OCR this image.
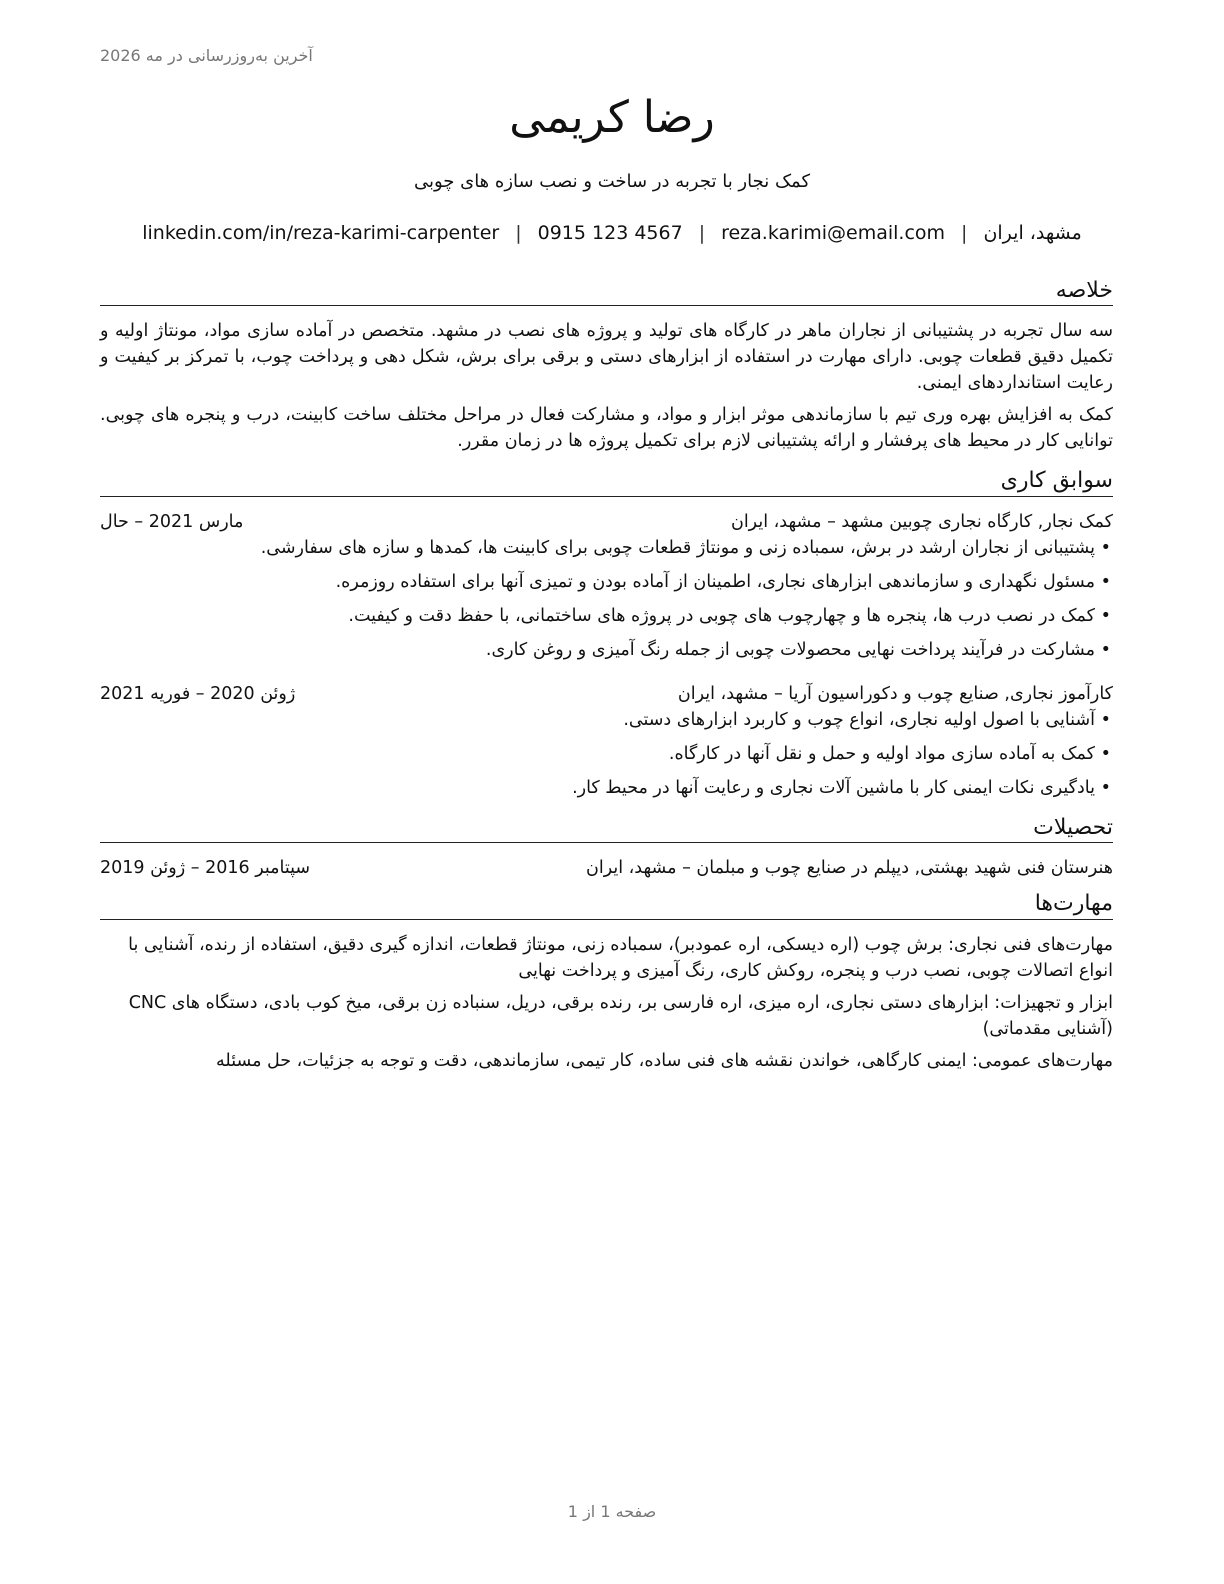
آخرین به‌روزرسانی در مه 2026
رضا کریمی
کمک نجار با تجربه در ساخت و نصب سازه های چوبی
مشهد، ایران
|
reza.karimi@email.com
|
0915 123 4567
|
linkedin.com/in/reza-karimi-carpenter
خلاصه

سه سال تجربه در پشتیبانی از نجاران ماهر در کارگاه های تولید و پروژه های نصب در مشهد. متخصص در آماده سازی مواد، مونتاژ اولیه و تکمیل دقیق قطعات چوبی. دارای مهارت در استفاده از ابزارهای دستی و برقی برای برش، شکل دهی و پرداخت چوب، با تمرکز بر کیفیت و رعایت استانداردهای ایمنی.

کمک به افزایش بهره وری تیم با سازماندهی موثر ابزار و مواد، و مشارکت فعال در مراحل مختلف ساخت کابینت، درب و پنجره های چوبی. توانایی کار در محیط های پرفشار و ارائه پشتیبانی لازم برای تکمیل پروژه ها در زمان مقرر.

سوابق کاری
کمک نجار, کارگاه نجاری چوبین مشهد – مشهد، ایران
مارس 2021 – حال
• پشتیبانی از نجاران ارشد در برش، سمباده زنی و مونتاژ قطعات چوبی برای کابینت ها، کمدها و سازه های سفارشی.
• مسئول نگهداری و سازماندهی ابزارهای نجاری، اطمینان از آماده بودن و تمیزی آنها برای استفاده روزمره.
• کمک در نصب درب ها، پنجره ها و چهارچوب های چوبی در پروژه های ساختمانی، با حفظ دقت و کیفیت.
• مشارکت در فرآیند پرداخت نهایی محصولات چوبی از جمله رنگ آمیزی و روغن کاری.
کارآموز نجاری, صنایع چوب و دکوراسیون آریا – مشهد، ایران
ژوئن 2020 – فوریه 2021
• آشنایی با اصول اولیه نجاری، انواع چوب و کاربرد ابزارهای دستی.
• کمک به آماده سازی مواد اولیه و حمل و نقل آنها در کارگاه.
• یادگیری نکات ایمنی کار با ماشین آلات نجاری و رعایت آنها در محیط کار.
تحصیلات
هنرستان فنی شهید بهشتی, دیپلم در صنایع چوب و مبلمان – مشهد، ایران
سپتامبر 2016 – ژوئن 2019
مهارت‌ها

مهارت‌های فنی نجاری: برش چوب (اره دیسکی، اره عمودبر)، سمباده زنی، مونتاژ قطعات، اندازه گیری دقیق، استفاده از رنده، آشنایی با انواع اتصالات چوبی، نصب درب و پنجره، روکش کاری، رنگ آمیزی و پرداخت نهایی

ابزار و تجهیزات: ابزارهای دستی نجاری، اره میزی، اره فارسی بر، رنده برقی، دریل، سنباده زن برقی، میخ کوب بادی، دستگاه های CNC (آشنایی مقدماتی)

مهارت‌های عمومی: ایمنی کارگاهی، خواندن نقشه های فنی ساده، کار تیمی، سازماندهی، دقت و توجه به جزئیات، حل مسئله

صفحه 1 از 1
